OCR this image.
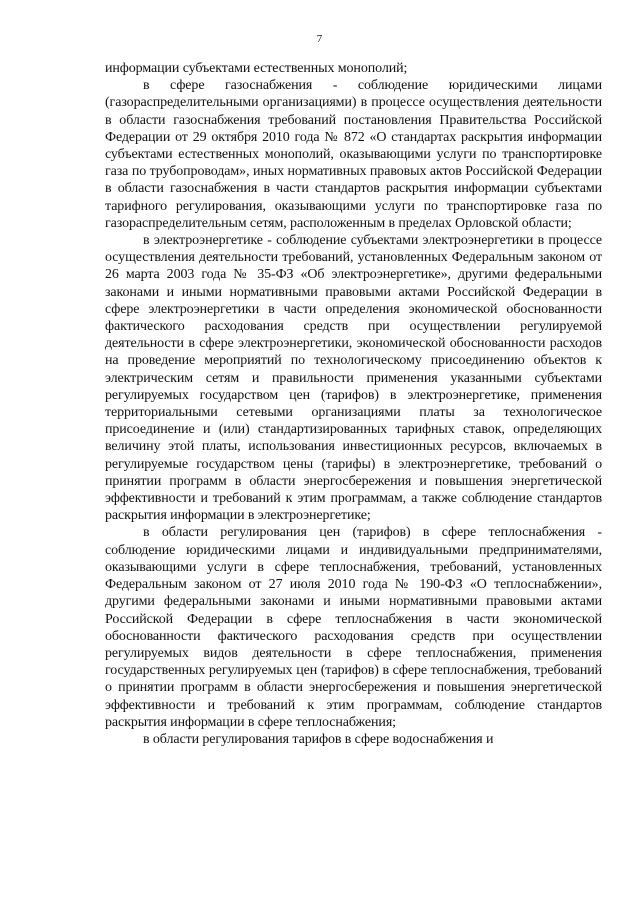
7

информации субъектами естественных монополий;

в сфере газоснабжения - соблюдение юридическими лицами (газораспределительными организациями) в процессе осуществления деятельности в области газоснабжения требований постановления Правительства Российской Федерации от 29 октября 2010 года № 872 «О стандартах раскрытия информации субъектами естественных монополий, оказывающими услуги по транспортировке газа по трубопроводам», иных нормативных правовых актов Российской Федерации в области газоснабжения в части стандартов раскрытия информации субъектами тарифного регулирования, оказывающими услуги по транспортировке газа по газораспределительным сетям, расположенным в пределах Орловской области;

в электроэнергетике - соблюдение субъектами электроэнергетики в процессе осуществления деятельности требований, установленных Федеральным законом от 26 марта 2003 года № 35-ФЗ «Об электроэнергетике», другими федеральными законами и иными нормативными правовыми актами Российской Федерации в сфере электроэнергетики в части определения экономической обоснованности фактического расходования средств при осуществлении регулируемой деятельности в сфере электроэнергетики, экономической обоснованности расходов на проведение мероприятий по технологическому присоединению объектов к электрическим сетям и правильности применения указанными субъектами регулируемых государством цен (тарифов) в электроэнергетике, применения территориальными сетевыми организациями платы за технологическое присоединение и (или) стандартизированных тарифных ставок, определяющих величину этой платы, использования инвестиционных ресурсов, включаемых в регулируемые государством цены (тарифы) в электроэнергетике, требований о принятии программ в области энергосбережения и повышения энергетической эффективности и требований к этим программам, а также соблюдение стандартов раскрытия информации в электроэнергетике;

в области регулирования цен (тарифов) в сфере теплоснабжения - соблюдение юридическими лицами и индивидуальными предпринимателями, оказывающими услуги в сфере теплоснабжения, требований, установленных Федеральным законом от 27 июля 2010 года № 190-ФЗ «О теплоснабжении», другими федеральными законами и иными нормативными правовыми актами Российской Федерации в сфере теплоснабжения в части экономической обоснованности фактического расходования средств при осуществлении регулируемых видов деятельности в сфере теплоснабжения, применения государственных регулируемых цен (тарифов) в сфере теплоснабжения, требований о принятии программ в области энергосбережения и повышения энергетической эффективности и требований к этим программам, соблюдение стандартов раскрытия информации в сфере теплоснабжения;

в области регулирования тарифов в сфере водоснабжения и
